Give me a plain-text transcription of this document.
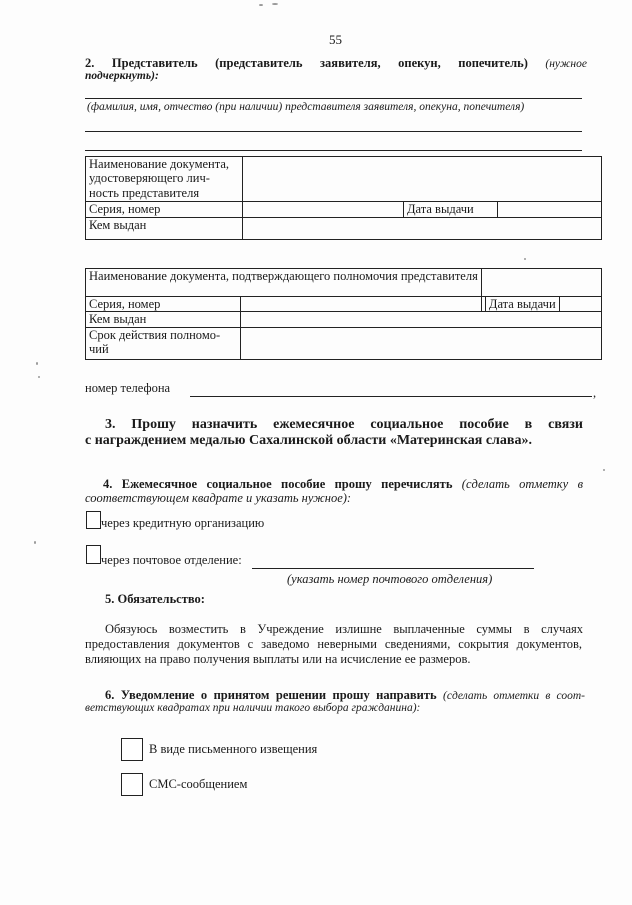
55
2. Представитель (представитель заявителя, опекун, попечитель) (нужное
подчеркнуть):
(фамилия, имя, отчество (при наличии) представителя заявителя, опекуна, попечителя)
Наименование документа, удостоверяющего лич-ность представителя			
Серия, номер		Дата выдачи	
Кем выдан			
Наименование документа, подтверждающего полномочия представителя		
Серия, номер		Дата выдачи
Кем выдан		
Срок действия полномо-чий		
номер телефона	,
3. Прошу назначить ежемесячное социальное пособие в связи
с награждением медалью Сахалинской области «Материнская слава».
4. Ежемесячное социальное пособие прошу перечислять (сделать отметку в
соответствующем квадрате и указать нужное):
через кредитную организацию
через почтовое отделение:
(указать номер почтового отделения)
5. Обязательство:
Обязуюсь возместить в Учреждение излишне выплаченные суммы в случаях
предоставления документов с заведомо неверными сведениями, сокрытия документов,
влияющих на право получения выплаты или на исчисление ее размеров.
6. Уведомление о принятом решении прошу направить (сделать отметки в соот-
ветствующих квадратах при наличии такого выбора гражданина):
В виде письменного извещения
СМС-сообщением
